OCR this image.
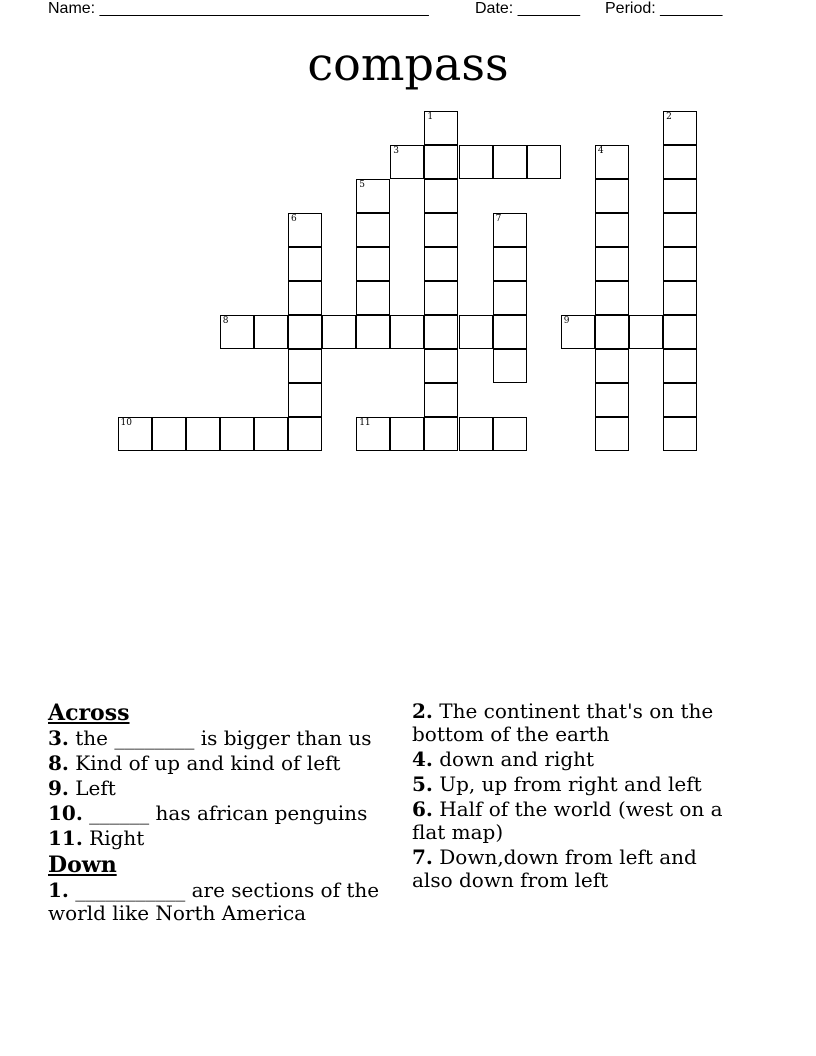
Name: _____________________________________	Date: _______ Period: _______
compass
1	2
3	4
5
6	7
8	9
10	11
Across
3. the ________ is bigger than us
8. Kind of up and kind of left
9. Left
10. ______ has african penguins
11. Right
Down
1. ___________ are sections of the world like North America
2. The continent that's on the bottom of the earth
4. down and right
5. Up, up from right and left
6. Half of the world (west on a flat map)
7. Down,down from left and also down from left
